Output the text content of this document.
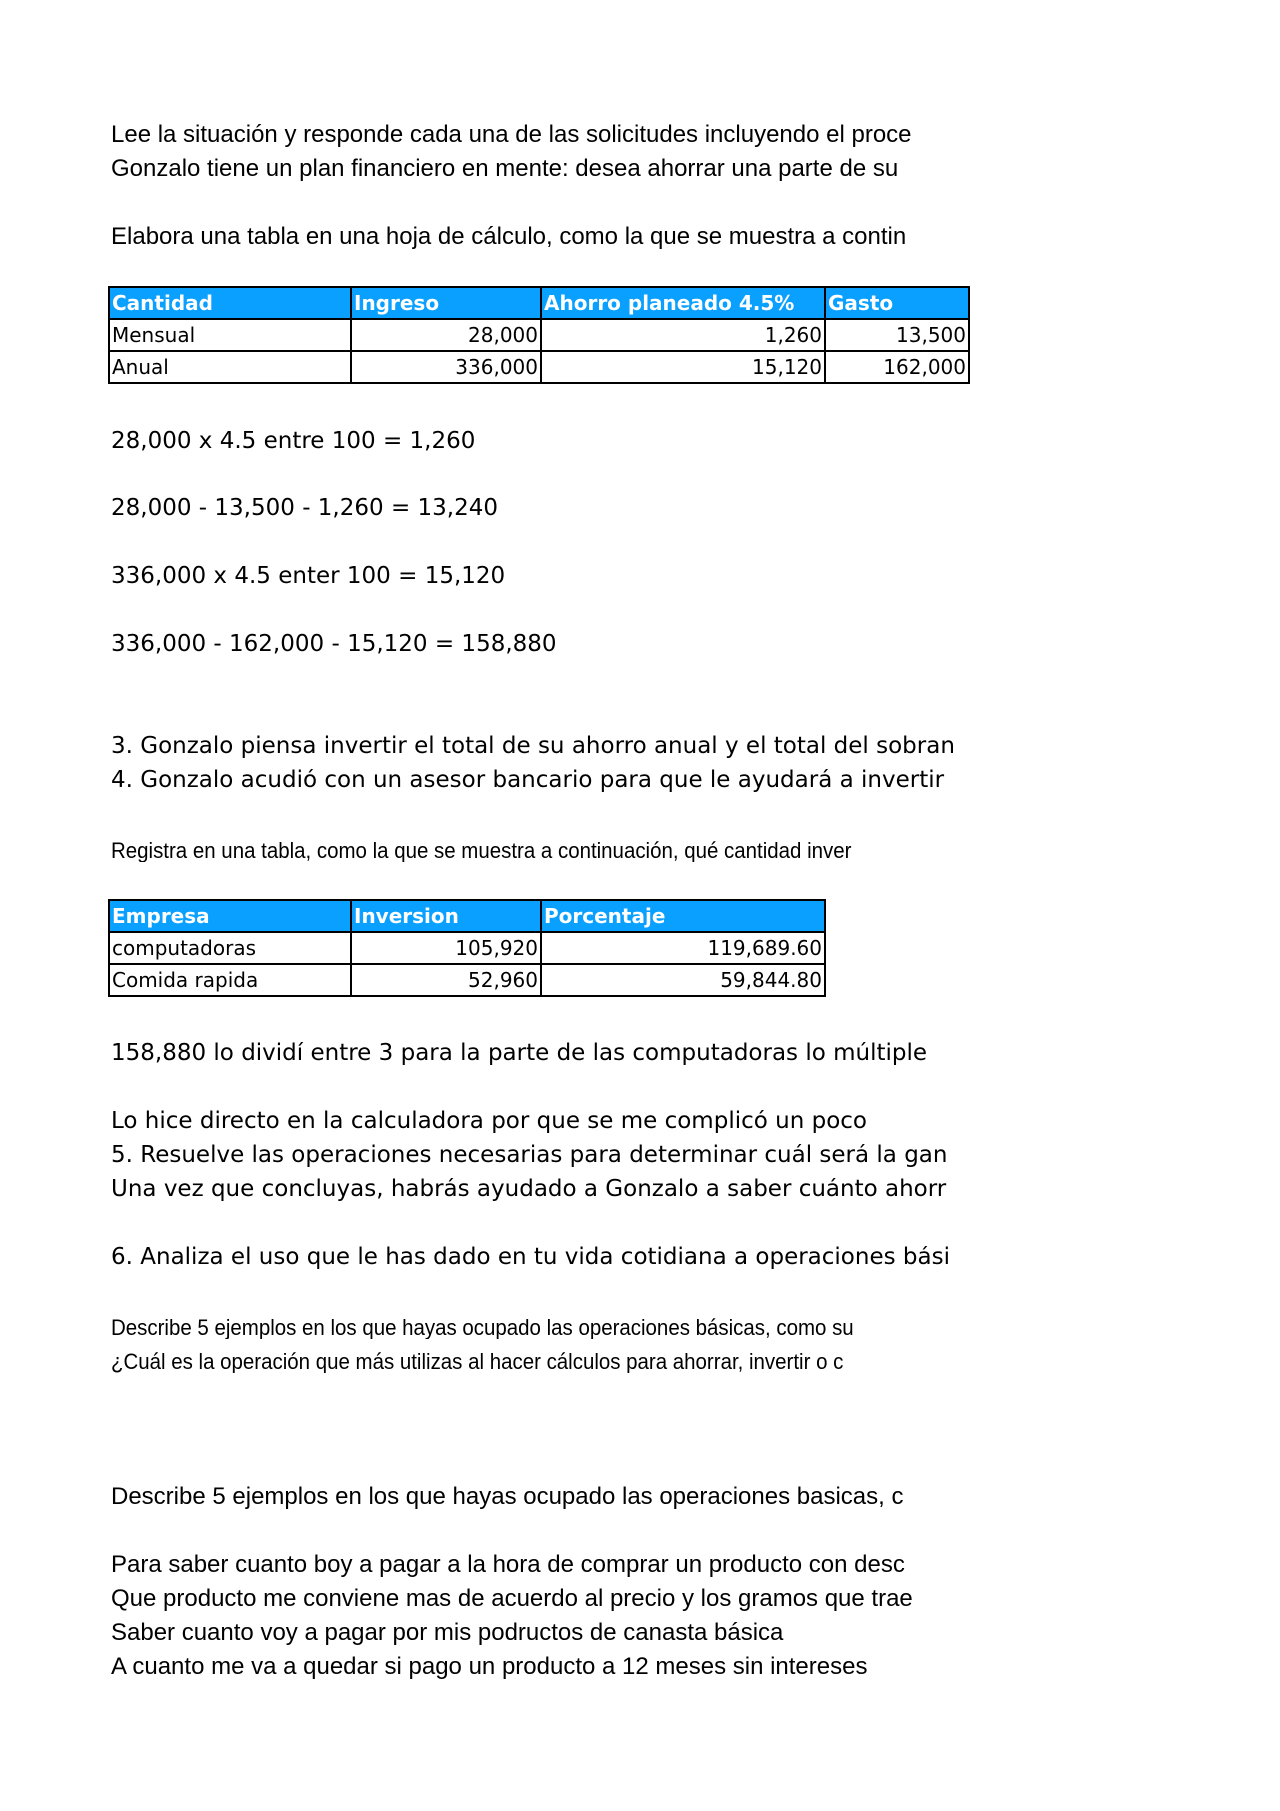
Lee la situación y responde cada una de las solicitudes incluyendo el proce
Gonzalo tiene un plan financiero en mente: desea ahorrar una parte de su
Elabora una tabla en una hoja de cálculo, como la que se muestra a contin
Cantidad	Ingreso	Ahorro planeado 4.5%	Gasto
Mensual	28,000	1,260	13,500
Anual	336,000	15,120	162,000
28,000 x 4.5 entre 100 = 1,260
28,000 - 13,500 - 1,260 = 13,240
336,000 x 4.5 enter 100 = 15,120
336,000 - 162,000 - 15,120 = 158,880
3. Gonzalo piensa invertir el total de su ahorro anual y el total del sobran
4. Gonzalo acudió con un asesor bancario para que le ayudará a invertir
Registra en una tabla, como la que se muestra a continuación, qué cantidad inver
Empresa	Inversion	Porcentaje
computadoras	105,920	119,689.60
Comida rapida	52,960	59,844.80
158,880 lo dividí entre 3 para la parte de las computadoras lo múltiple
Lo hice directo en la calculadora por que se me complicó un poco
5. Resuelve las operaciones necesarias para determinar cuál será la gan
Una vez que concluyas, habrás ayudado a Gonzalo a saber cuánto ahorr
6. Analiza el uso que le has dado en tu vida cotidiana a operaciones bási
Describe 5 ejemplos en los que hayas ocupado las operaciones básicas, como su
¿Cuál es la operación que más utilizas al hacer cálculos para ahorrar, invertir o c
Describe 5 ejemplos en los que hayas ocupado las operaciones basicas, c
Para saber cuanto boy a pagar a la hora de comprar un producto con desc
Que producto me conviene mas de acuerdo al precio y los gramos que trae
Saber cuanto voy a pagar por mis podructos de canasta básica
A cuanto me va a quedar si pago un producto a 12 meses sin intereses
